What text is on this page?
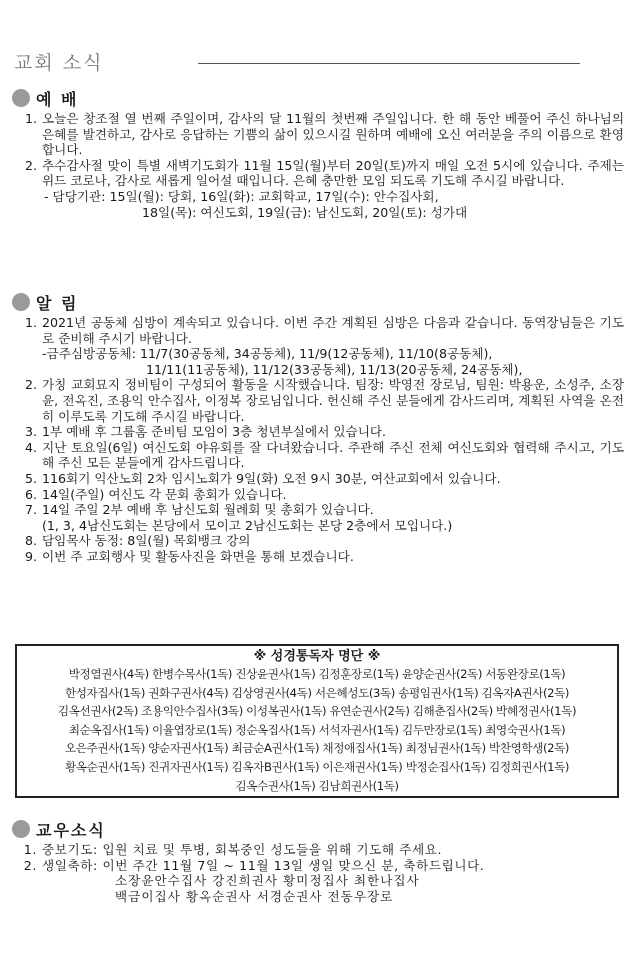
교회 소식
예 배
1. 오늘은 창조절 열 번째 주일이며, 감사의 달 11월의 첫번째 주일입니다. 한 해 동안 베풀어 주신 하나님의 은혜를 발견하고, 감사로 응답하는 기쁨의 삶이 있으시길 원하며 예배에 오신 여러분을 주의 이름으로 환영합니다.
2. 추수감사절 맞이 특별 새벽기도회가 11월 15일(월)부터 20일(토)까지 매일 오전 5시에 있습니다. 주제는 위드 코로나, 감사로 새롭게 일어설 때입니다. 은혜 충만한 모임 되도록 기도해 주시길 바랍니다.
- 담당기관: 15일(월): 당회, 16일(화): 교회학교, 17일(수): 안수집사회,
18일(목): 여신도회, 19일(금): 남신도회, 20일(토): 성가대
알 림
1. 2021년 공동체 심방이 계속되고 있습니다. 이번 주간 계획된 심방은 다음과 같습니다. 동역장님들은 기도로 준비해 주시기 바랍니다.
-금주심방공동체: 11/7(30공동체, 34공동체), 11/9(12공동체), 11/10(8공동체),
11/11(11공동체), 11/12(33공동체), 11/13(20공동체, 24공동체),
2. 가칭 교회묘지 정비팀이 구성되어 활동을 시작했습니다. 팀장: 박영전 장로님, 팀원: 박용운, 소성주, 소장윤, 전옥진, 조용익 안수집사, 이정복 장로님입니다. 헌신해 주신 분들에게 감사드리며, 계획된 사역을 온전히 이루도록 기도해 주시길 바랍니다.
3. 1부 예배 후 그룹홈 준비팀 모임이 3층 청년부실에서 있습니다.
4. 지난 토요일(6일) 여신도회 야유회를 잘 다녀왔습니다. 주관해 주신 전체 여신도회와 협력해 주시고, 기도해 주신 모든 분들에게 감사드립니다.
5. 116회기 익산노회 2차 임시노회가 9일(화) 오전 9시 30분, 여산교회에서 있습니다.
6. 14일(주일) 여신도 각 문회 총회가 있습니다.
7. 14일 주일 2부 예배 후 남신도회 월례회 및 총회가 있습니다.
(1, 3, 4남신도회는 본당에서 모이고 2남신도회는 본당 2층에서 모입니다.)
8. 담임목사 동정: 8일(월) 목회뱅크 강의
9. 이번 주 교회행사 및 활동사진을 화면을 통해 보겠습니다.
※ 성경통독자 명단 ※
박정열권사(4독) 한병수목사(1독) 진상윤권사(1독) 김정훈장로(1독) 윤양순권사(2독) 서동완장로(1독)
한성자집사(1독) 권화구권사(4독) 김상영권사(4독) 서은혜성도(3독) 송평임권사(1독) 김옥자A권사(2독)
김옥선권사(2독) 조용익안수집사(3독) 이성복권사(1독) 유연순권사(2독) 김해춘집사(2독) 박혜정권사(1독)
최순옥집사(1독) 이율엽장로(1독) 정순옥집사(1독) 서석자권사(1독) 김두만장로(1독) 최영숙권사(1독)
오은주권사(1독) 양순자권사(1독) 최금순A권사(1독) 채정애집사(1독) 최정님권사(1독) 박찬영학생(2독)
황옥순권사(1독) 진귀자권사(1독) 김옥자B권사(1독) 이은재권사(1독) 박정순집사(1독) 김정희권사(1독)
김옥수권사(1독) 김남희권사(1독)
교우소식
1. 중보기도: 입원 치료 및 투병, 회복중인 성도들을 위해 기도해 주세요.
2. 생일축하: 이번 주간 11월 7일 ~ 11월 13일 생일 맞으신 분, 축하드립니다.
소장윤안수집사 강진희권사 황미정집사 최한나집사
백금이집사 황옥순권사 서경순권사 전동우장로
